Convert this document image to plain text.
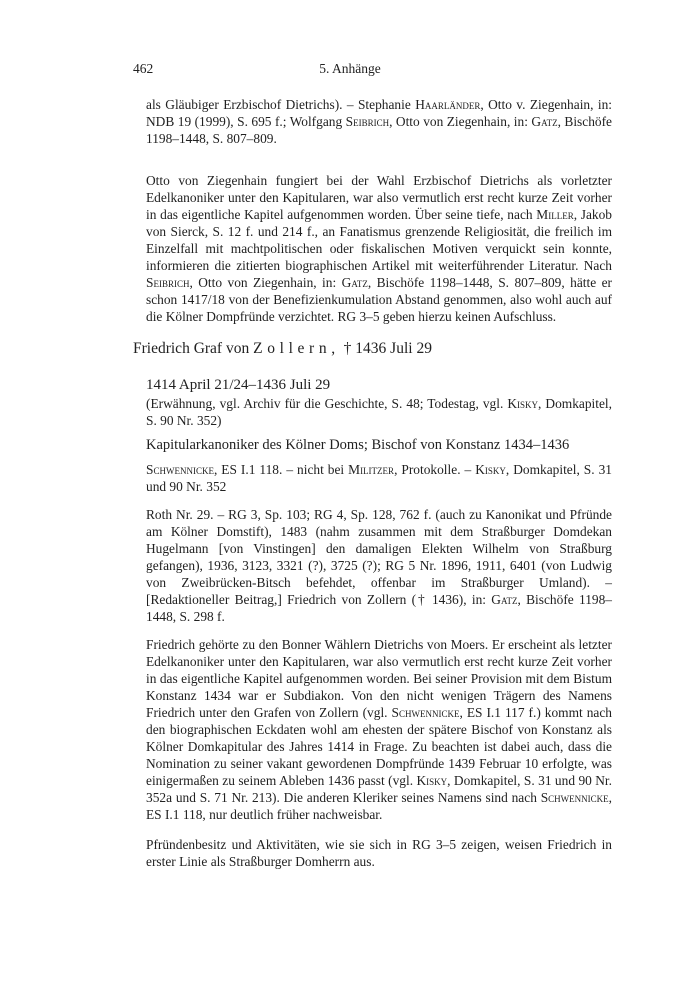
462	5. Anhänge

als Gläubiger Erzbischof Dietrichs). – Stephanie Haarländer, Otto v. Ziegenhain, in: NDB 19 (1999), S. 695 f.; Wolfgang Seibrich, Otto von Ziegenhain, in: Gatz, Bischöfe 1198–1448, S. 807–809.

Otto von Ziegenhain fungiert bei der Wahl Erzbischof Dietrichs als vorletzter Edelkanoniker unter den Kapitularen, war also vermutlich erst recht kurze Zeit vorher in das eigentliche Kapitel aufgenommen worden. Über seine tiefe, nach Miller, Jakob von Sierck, S. 12 f. und 214 f., an Fanatismus grenzende Religiosität, die freilich im Einzelfall mit machtpolitischen oder fiskalischen Motiven verquickt sein konnte, informieren die zitierten biographischen Artikel mit weiterführender Literatur. Nach Seibrich, Otto von Ziegenhain, in: Gatz, Bischöfe 1198–1448, S. 807–809, hätte er schon 1417/18 von der Benefizienkumulation Abstand genommen, also wohl auch auf die Kölner Dompfründe verzichtet. RG 3–5 geben hierzu keinen Aufschluss.

Friedrich Graf von Zollern, † 1436 Juli 29

1414 April 21/24–1436 Juli 29

(Erwähnung, vgl. Archiv für die Geschichte, S. 48; Todestag, vgl. Kisky, Domkapitel, S. 90 Nr. 352)

Kapitularkanoniker des Kölner Doms; Bischof von Konstanz 1434–1436

Schwennicke, ES I.1 118. – nicht bei Militzer, Protokolle. – Kisky, Domkapitel, S. 31 und 90 Nr. 352

Roth Nr. 29. – RG 3, Sp. 103; RG 4, Sp. 128, 762 f. (auch zu Kanonikat und Pfründe am Kölner Domstift), 1483 (nahm zusammen mit dem Straßburger Domdekan Hugelmann [von Vinstingen] den damaligen Elekten Wilhelm von Straßburg gefangen), 1936, 3123, 3321 (?), 3725 (?); RG 5 Nr. 1896, 1911, 6401 (von Ludwig von Zweibrücken-Bitsch befehdet, offenbar im Straßburger Umland). – [Redaktioneller Beitrag,] Friedrich von Zollern († 1436), in: Gatz, Bischöfe 1198–1448, S. 298 f.

Friedrich gehörte zu den Bonner Wählern Dietrichs von Moers. Er erscheint als letzter Edelkanoniker unter den Kapitularen, war also vermutlich erst recht kurze Zeit vorher in das eigentliche Kapitel aufgenommen worden. Bei seiner Provision mit dem Bistum Konstanz 1434 war er Subdiakon. Von den nicht wenigen Trägern des Namens Friedrich unter den Grafen von Zollern (vgl. Schwennicke, ES I.1 117 f.) kommt nach den biographischen Eckdaten wohl am ehesten der spätere Bischof von Konstanz als Kölner Domkapitular des Jahres 1414 in Frage. Zu beachten ist dabei auch, dass die Nomination zu seiner vakant gewordenen Dompfründe 1439 Februar 10 erfolgte, was einigermaßen zu seinem Ableben 1436 passt (vgl. Kisky, Domkapitel, S. 31 und 90 Nr. 352a und S. 71 Nr. 213). Die anderen Kleriker seines Namens sind nach Schwennicke, ES I.1 118, nur deutlich früher nachweisbar.

Pfründenbesitz und Aktivitäten, wie sie sich in RG 3–5 zeigen, weisen Friedrich in erster Linie als Straßburger Domherrn aus.
